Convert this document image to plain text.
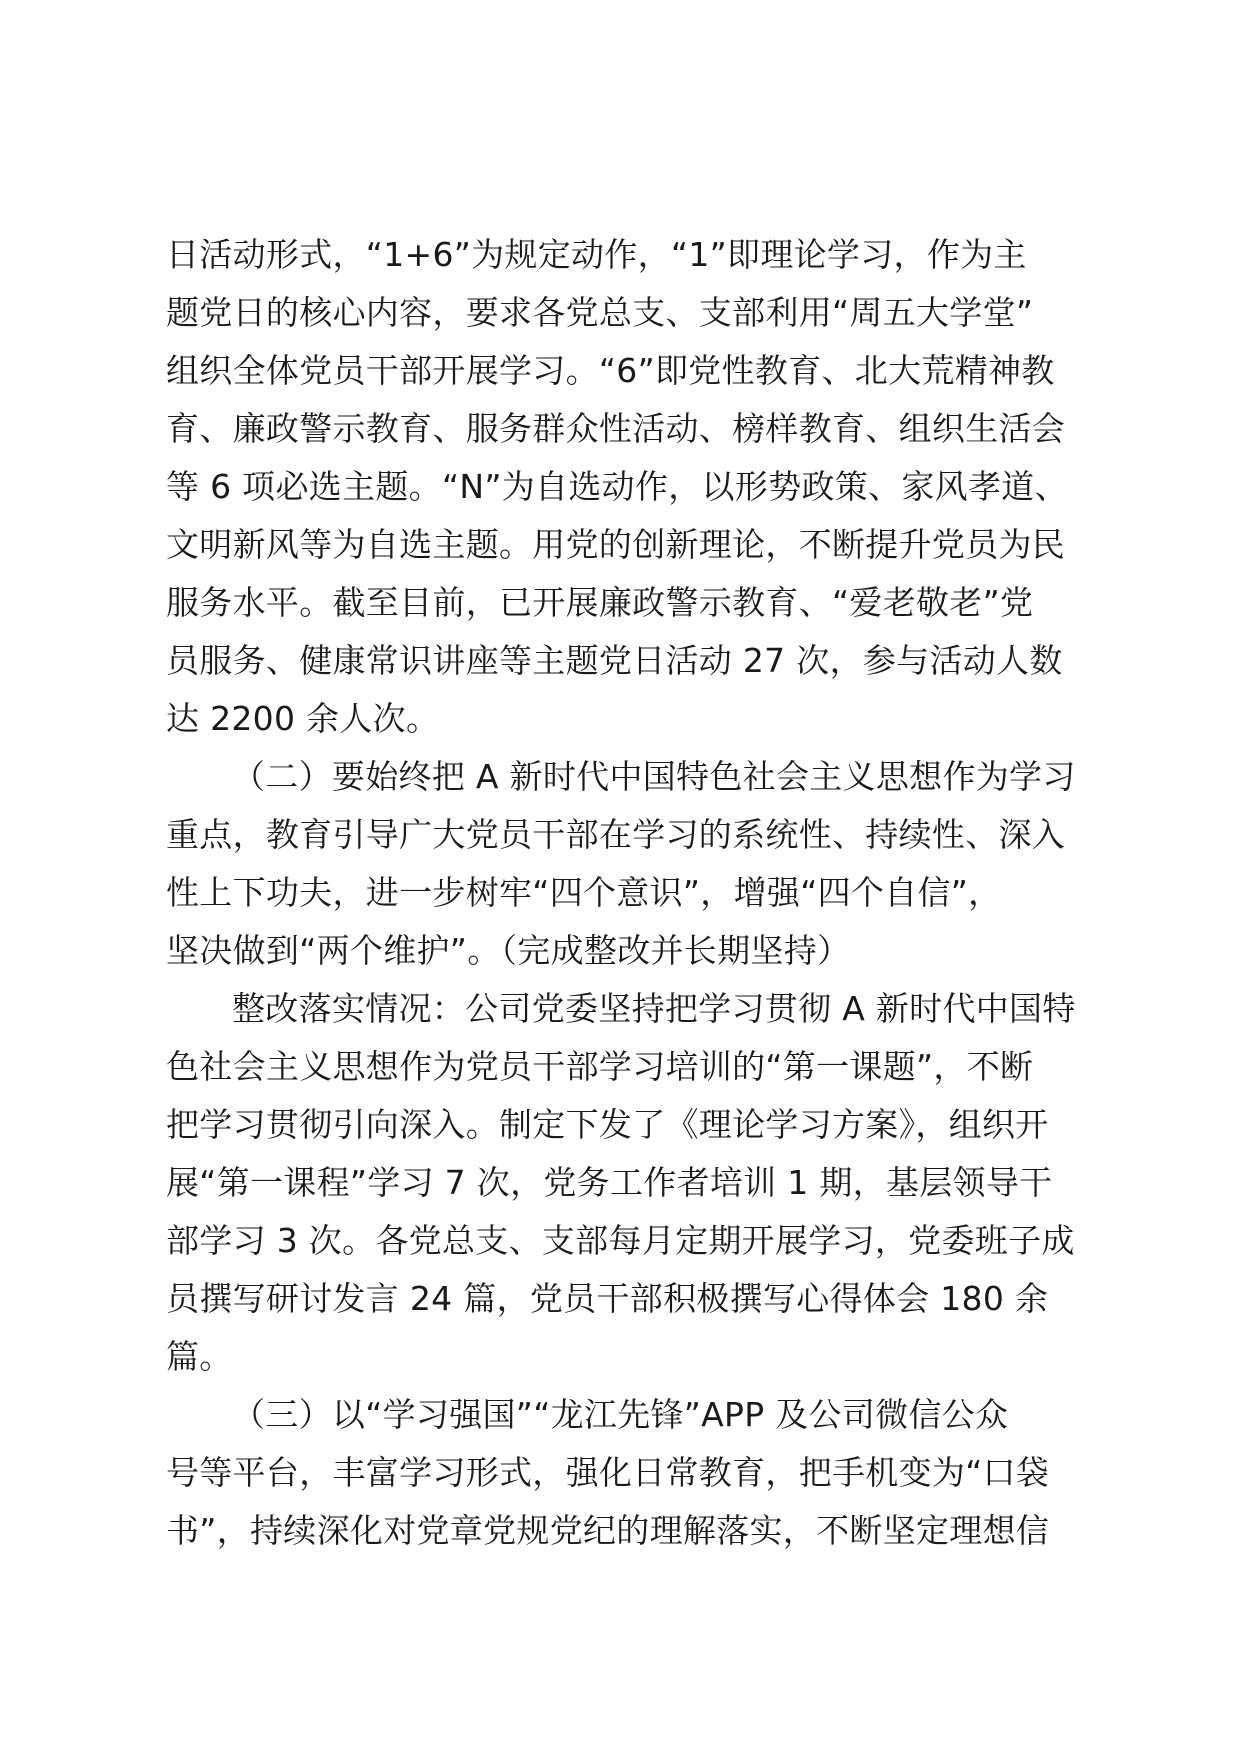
日活动形式，“1+6”为规定动作，“1”即理论学习，作为主
题党日的核心内容，要求各党总支、支部利用“周五大学堂”
组织全体党员干部开展学习。“6”即党性教育、北大荒精神教
育、廉政警示教育、服务群众性活动、榜样教育、组织生活会
等 6 项必选主题。“N”为自选动作，以形势政策、家风孝道、
文明新风等为自选主题。用党的创新理论，不断提升党员为民
服务水平。截至目前，已开展廉政警示教育、“爱老敬老”党
员服务、健康常识讲座等主题党日活动 27 次，参与活动人数
达 2200 余人次。
（二）要始终把 A 新时代中国特色社会主义思想作为学习
重点，教育引导广大党员干部在学习的系统性、持续性、深入
性上下功夫，进一步树牢“四个意识”，增强“四个自信”，
坚决做到“两个维护”。（完成整改并长期坚持）
整改落实情况：公司党委坚持把学习贯彻 A 新时代中国特
色社会主义思想作为党员干部学习培训的“第一课题”，不断
把学习贯彻引向深入。制定下发了《理论学习方案》，组织开
展“第一课程”学习 7 次，党务工作者培训 1 期，基层领导干
部学习 3 次。各党总支、支部每月定期开展学习，党委班子成
员撰写研讨发言 24 篇，党员干部积极撰写心得体会 180 余篇。
（三）以“学习强国”“龙江先锋”APP 及公司微信公众
号等平台，丰富学习形式，强化日常教育，把手机变为“口袋
书”，持续深化对党章党规党纪的理解落实，不断坚定理想信
